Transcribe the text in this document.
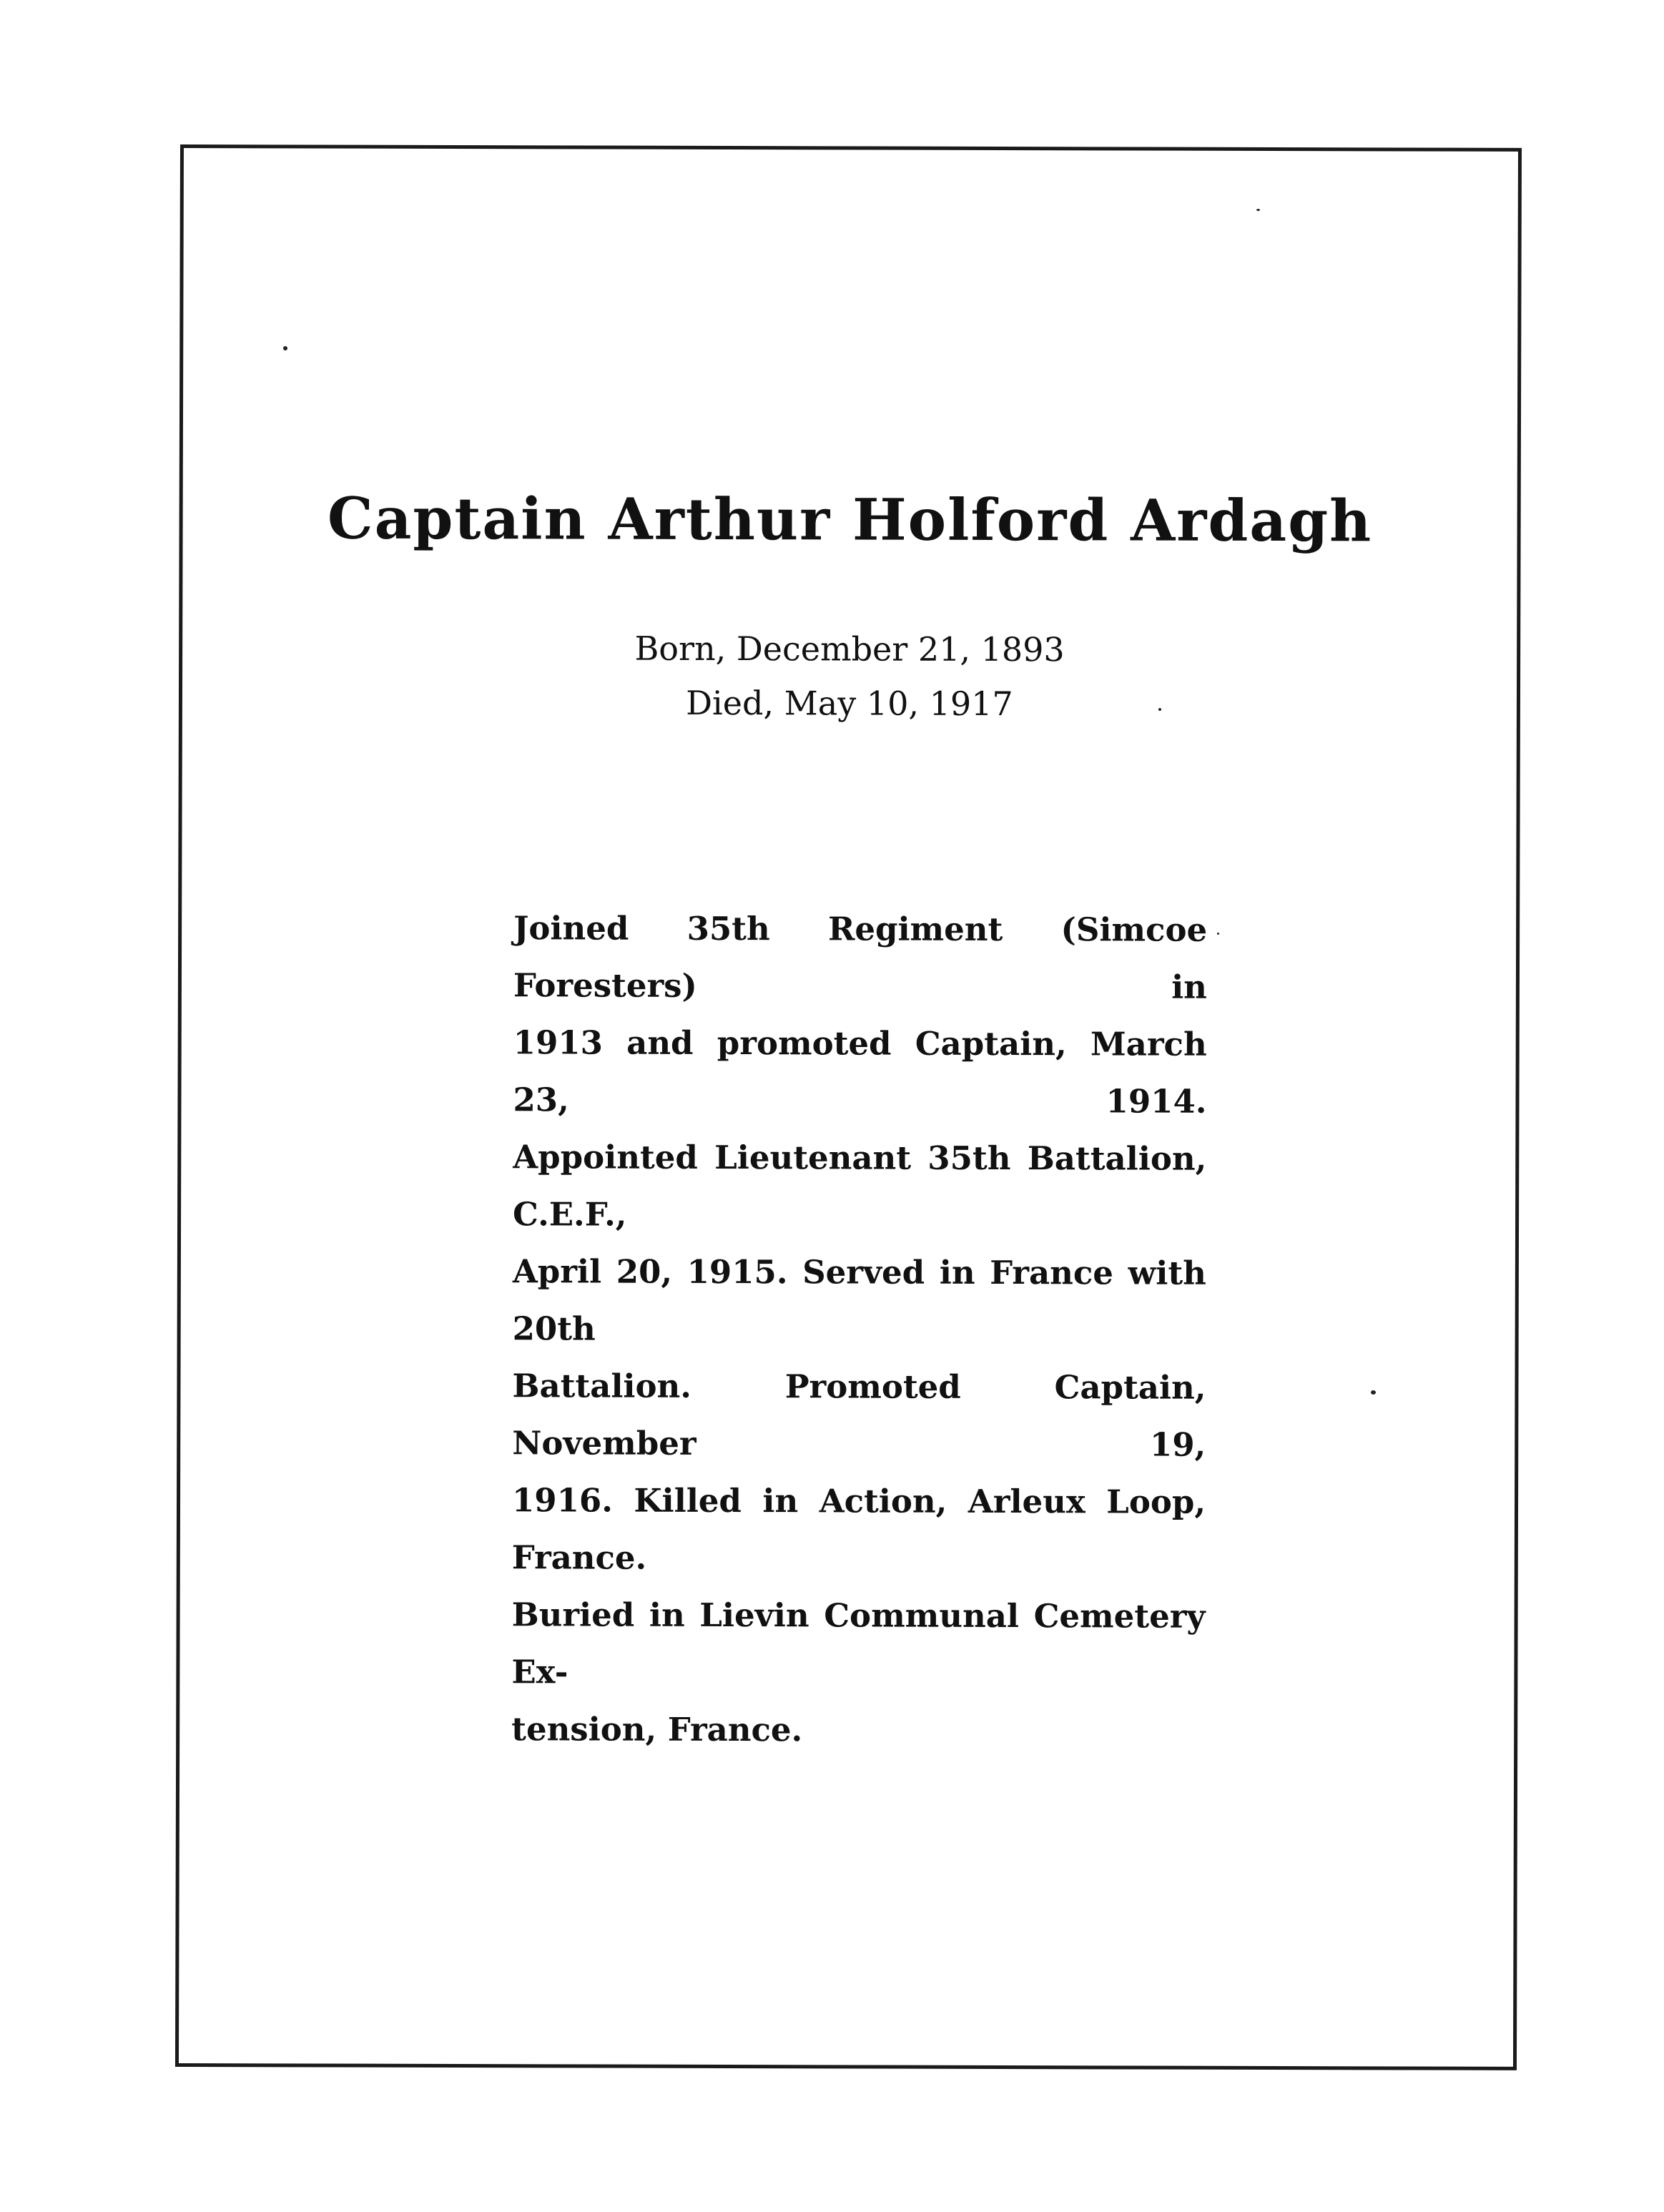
Captain Arthur Holford Ardagh
Born, December 21, 1893
Died, May 10, 1917

Joined 35th Regiment (Simcoe Foresters) in
1913 and promoted Captain, March 23, 1914.
Appointed Lieutenant 35th Battalion, C.E.F.,
April 20, 1915. Served in France with 20th
Battalion. Promoted Captain, November 19,
1916. Killed in Action, Arleux Loop, France.
Buried in Lievin Communal Cemetery Ex-
tension, France.
